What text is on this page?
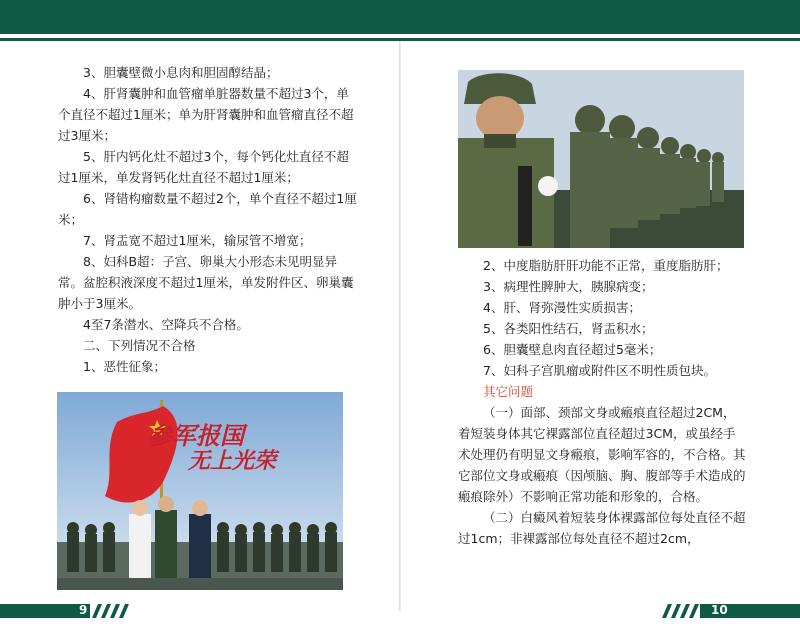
3、胆囊壁微小息肉和胆固醇结晶；

4、肝肾囊肿和血管瘤单脏器数量不超过3个，单个直径不超过1厘米；单为肝肾囊肿和血管瘤直径不超过3厘米；

5、肝内钙化灶不超过3个，每个钙化灶直径不超过1厘米，单发肾钙化灶直径不超过1厘米；

6、肾错构瘤数量不超过2个，单个直径不超过1厘米；

7、肾盂宽不超过1厘米，输尿管不增宽；

8、妇科B超：子宫、卵巢大小形态未见明显异常。盆腔积液深度不超过1厘米，单发附件区、卵巢囊肿小于3厘米。

4至7条潜水、空降兵不合格。

二、下列情况不合格

1、恶性征象；

参军报国
无上光荣

2、中度脂肪肝肝功能不正常，重度脂肪肝；

3、病理性脾肿大，胰腺病变；

4、肝、肾弥漫性实质损害；

5、各类阳性结石，肾盂积水；

6、胆囊壁息肉直径超过5毫米；

7、妇科子宫肌瘤或附件区不明性质包块。

其它问题

（一）面部、颈部文身或瘢痕直径超过2CM，着短装身体其它裸露部位直径超过3CM，或虽经手术处理仍有明显文身瘢痕，影响军容的，不合格。其它部位文身或瘢痕（因颅脑、胸、腹部等手术造成的瘢痕除外）不影响正常功能和形象的，合格。

（二）白癜风着短装身体裸露部位每处直径不超过1cm；非裸露部位每处直径不超过2cm，

9	10
